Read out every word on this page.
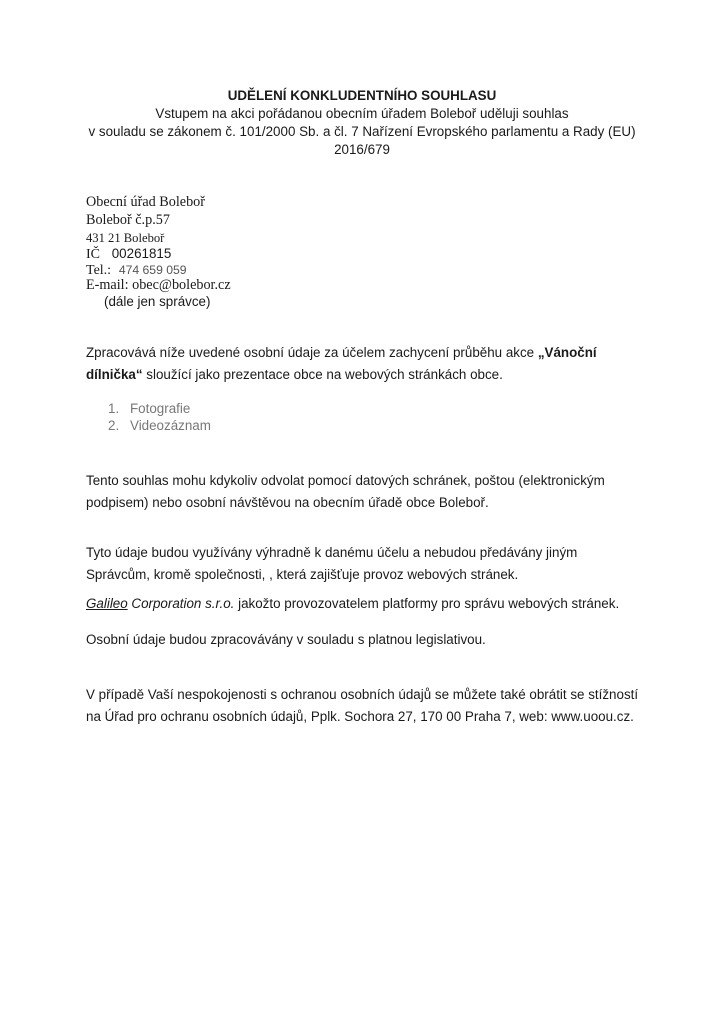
UDĚLENÍ KONKLUDENTNÍHO SOUHLASU
Vstupem na akci pořádanou obecním úřadem Boleboř uděluji souhlas
v souladu se zákonem č. 101/2000 Sb. a čl. 7 Nařízení Evropského parlamentu a Rady (EU)
2016/679
Obecní úřad Boleboř
Boleboř č.p.57
431 21 Boleboř
IČ 00261815
Tel.: 474 659 059
E-mail: obec@bolebor.cz
(dále jen správce)
Zpracovává níže uvedené osobní údaje za účelem zachycení průběhu akce „Vánoční
dílnička“ sloužící jako prezentace obce na webových stránkách obce.
1. Fotografie
2. Videozáznam
Tento souhlas mohu kdykoliv odvolat pomocí datových schránek, poštou (elektronickým
podpisem) nebo osobní návštěvou na obecním úřadě obce Boleboř.
Tyto údaje budou využívány výhradně k danému účelu a nebudou předávány jiným
Správcům, kromě společnosti, , která zajišťuje provoz webových stránek.
Galileo Corporation s.r.o. jakožto provozovatelem platformy pro správu webových stránek.
Osobní údaje budou zpracovávány v souladu s platnou legislativou.
V případě Vaší nespokojenosti s ochranou osobních údajů se můžete také obrátit se stížností
na Úřad pro ochranu osobních údajů, Pplk. Sochora 27, 170 00 Praha 7, web: www.uoou.cz.
